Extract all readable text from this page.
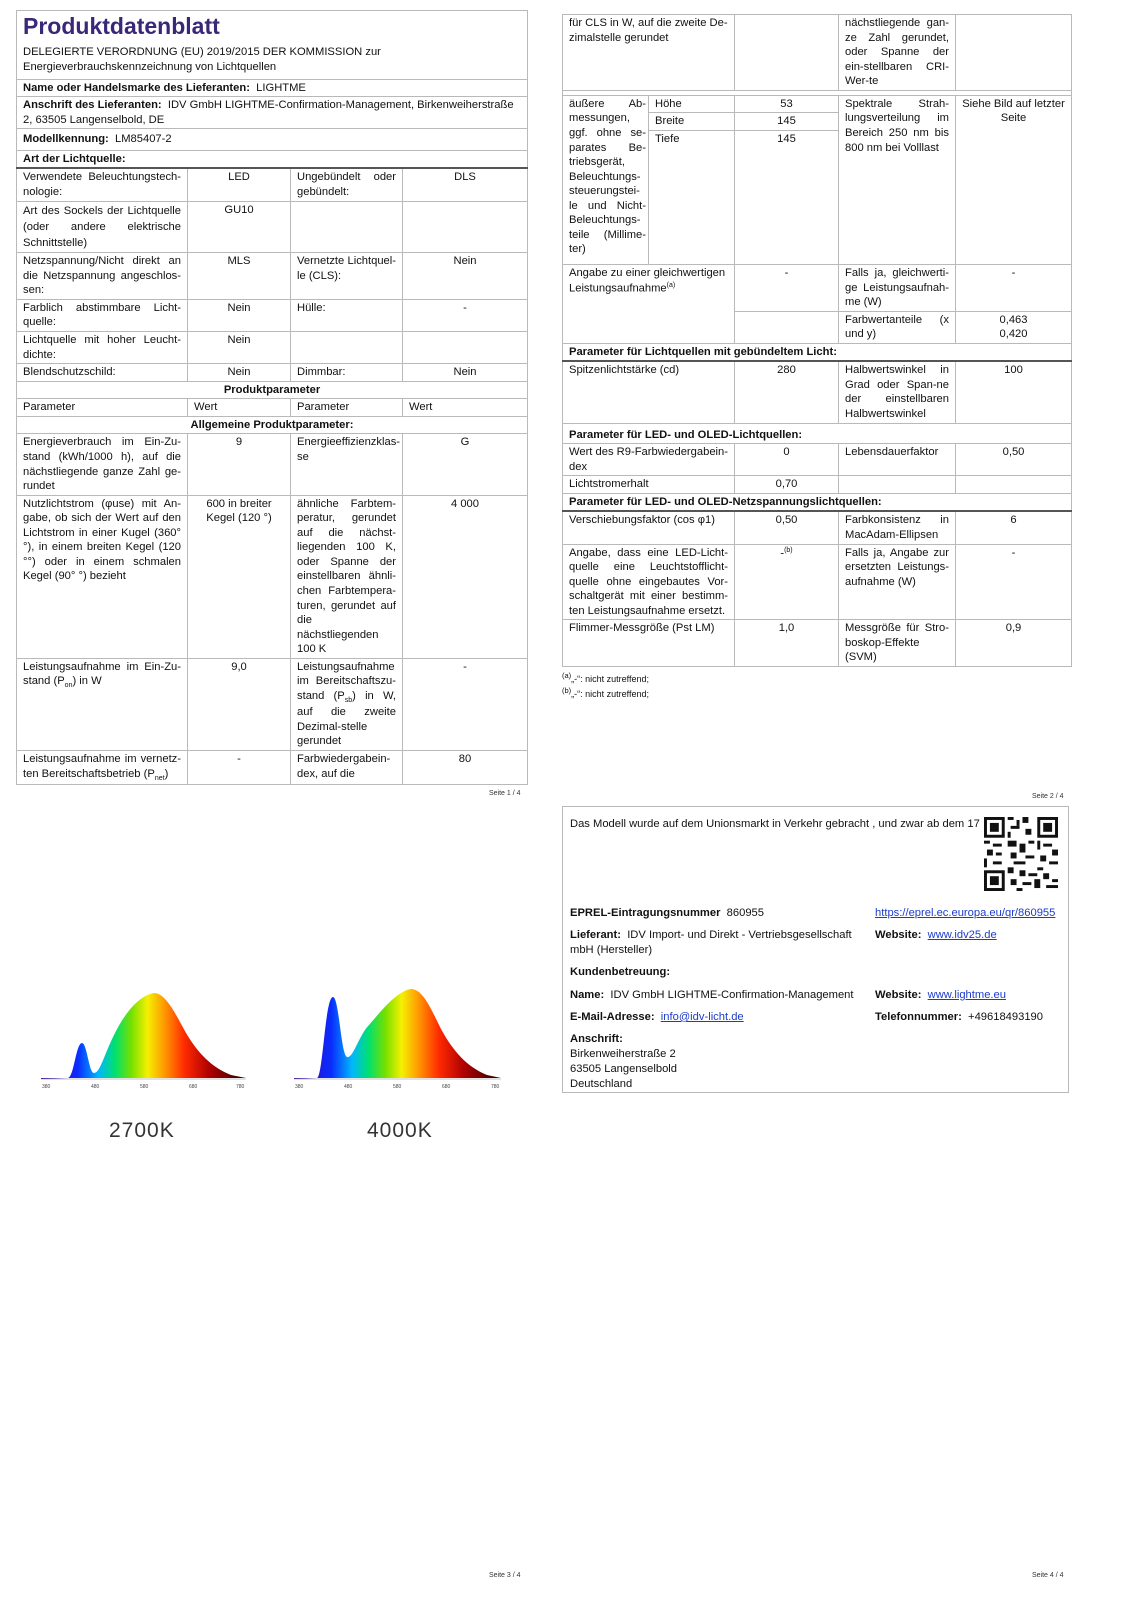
Produktdatenblatt
DELEGIERTE VERORDNUNG (EU) 2019/2015 DER KOMMISSION zur Energieverbrauchskennzeichnung von Lichtquellen			

Name oder Handelsmarke des Lieferanten: LIGHTME			
Anschrift des Lieferanten: IDV GmbH LIGHTME-Confirmation-Management, Birkenweiherstraße 2, 63505 Langenselbold, DE			
Modellkennung: LM85407-2			
Art der Lichtquelle:			
Verwendete Beleuchtungstech-nologie:	LED	Ungebündelt oder gebündelt:	DLS
Art des Sockels der Lichtquelle (oder andere elektrische Schnittstelle)	GU10		
Netzspannung/Nicht direkt an die Netzspannung angeschlos-sen:	MLS	Vernetzte Lichtquel-le (CLS):	Nein
Farblich abstimmbare Licht-quelle:	Nein	Hülle:	-
Lichtquelle mit hoher Leucht-dichte:	Nein		
Blendschutzschild:	Nein	Dimmbar:	Nein
Produktparameter			
Parameter	Wert	Parameter	Wert
Allgemeine Produktparameter:			
Energieverbrauch im Ein-Zu-stand (kWh/1000 h), auf die nächstliegende ganze Zahl ge-rundet	9	Energieeffizienzklas-se	G
Nutzlichtstrom (φuse) mit An-gabe, ob sich der Wert auf den Lichtstrom in einer Kugel (360° °), in einem breiten Kegel (120 °°) oder in einem schmalen Kegel (90° °) bezieht	600 in breiter Kegel (120 °)	ähnliche Farbtem-peratur, gerundet auf die nächst-liegenden 100 K, oder Spanne der einstellbaren ähnli-chen Farbtempera-turen, gerundet auf die nächstliegenden 100 K	4 000
Leistungsaufnahme im Ein-Zu-stand $(P_{on})$ in W	9,0	Leistungsaufnahme im Bereitschaftszu-stand $(P_{sb})$ in W, auf die zweite Dezimal-stelle gerundet	-
Leistungsaufnahme im vernetz-ten Bereitschaftsbetrieb $(P_{net})$	-	Farbwiedergabein-dex, auf die	80
Seite 1 / 4
für CLS in W, auf die zweite De-zimalstelle gerundet			nächstliegende gan-ze Zahl gerundet, oder Spanne der ein-stellbaren CRI-Wer-te	

äußere Ab-messungen, ggf. ohne se-parates Be-triebsgerät, Beleuchtungs-steuerungstei-le und Nicht-Beleuchtungs-teile (Millime-ter)	Höhe	53	Spektrale Strah-lungsverteilung im Bereich 250 nm bis 800 nm bei Volllast	Siehe Bild auf letzter Seite
	Breite	145		
	Tiefe	145		
Angabe zu einer gleichwertigen Leistungsaufnahme$^{(a)}$		-	Falls ja, gleichwerti-ge Leistungsaufnah-me (W)	-
			Farbwertanteile (x und y)	0,463
0,420

Parameter für Lichtquellen mit gebündeltem Licht:				
Spitzenlichtstärke (cd)		280	Halbwertswinkel in Grad oder Span-ne der einstellbaren Halbwertswinkel	100
Parameter für LED- und OLED-Lichtquellen:				
Wert des R9-Farbwiedergabein-dex		0	Lebensdauerfaktor	0,50
Lichtstromerhalt		0,70		
Parameter für LED- und OLED-Netzspannungslichtquellen:				
Verschiebungsfaktor (cos φ1)		0,50	Farbkonsistenz in MacAdam-Ellipsen	6
Angabe, dass eine LED-Licht-quelle eine Leuchtstofflicht-quelle ohne eingebautes Vor-schaltgerät mit einer bestimm-ten Leistungsaufnahme ersetzt.		-$^{(b)}$	Falls ja, Angabe zur ersetzten Leistungs-aufnahme (W)	-
Flimmer-Messgröße (Pst LM)		1,0	Messgröße für Stro-boskop-Effekte (SVM)	0,9
$^{(a)}$„-“: nicht zutreffend;
$^{(b)}$„-“: nicht zutreffend;
Seite 2 / 4
380	480	580	680	780
2700K
380	480	580	680	780
4000K
Seite 3 / 4
Das Modell wurde auf dem Unionsmarkt in Verkehr gebracht , und zwar ab dem 17
EPREL-Eintragungsnummer 860955	https://eprel.ec.europa.eu/qr/860955
Lieferant: IDV Import- und Direkt - Vertriebsgesellschaft mbH (Hersteller)
Website: www.idv25.de
Kundenbetreuung:
Name: IDV GmbH LIGHTME-Confirmation-Management Website: www.lightme.eu
E-Mail-Adresse: info@idv-licht.de	Telefonnummer: +49618493190
Anschrift:
Birkenweiherstraße 2
63505 Langenselbold
Deutschland
Seite 4 / 4
